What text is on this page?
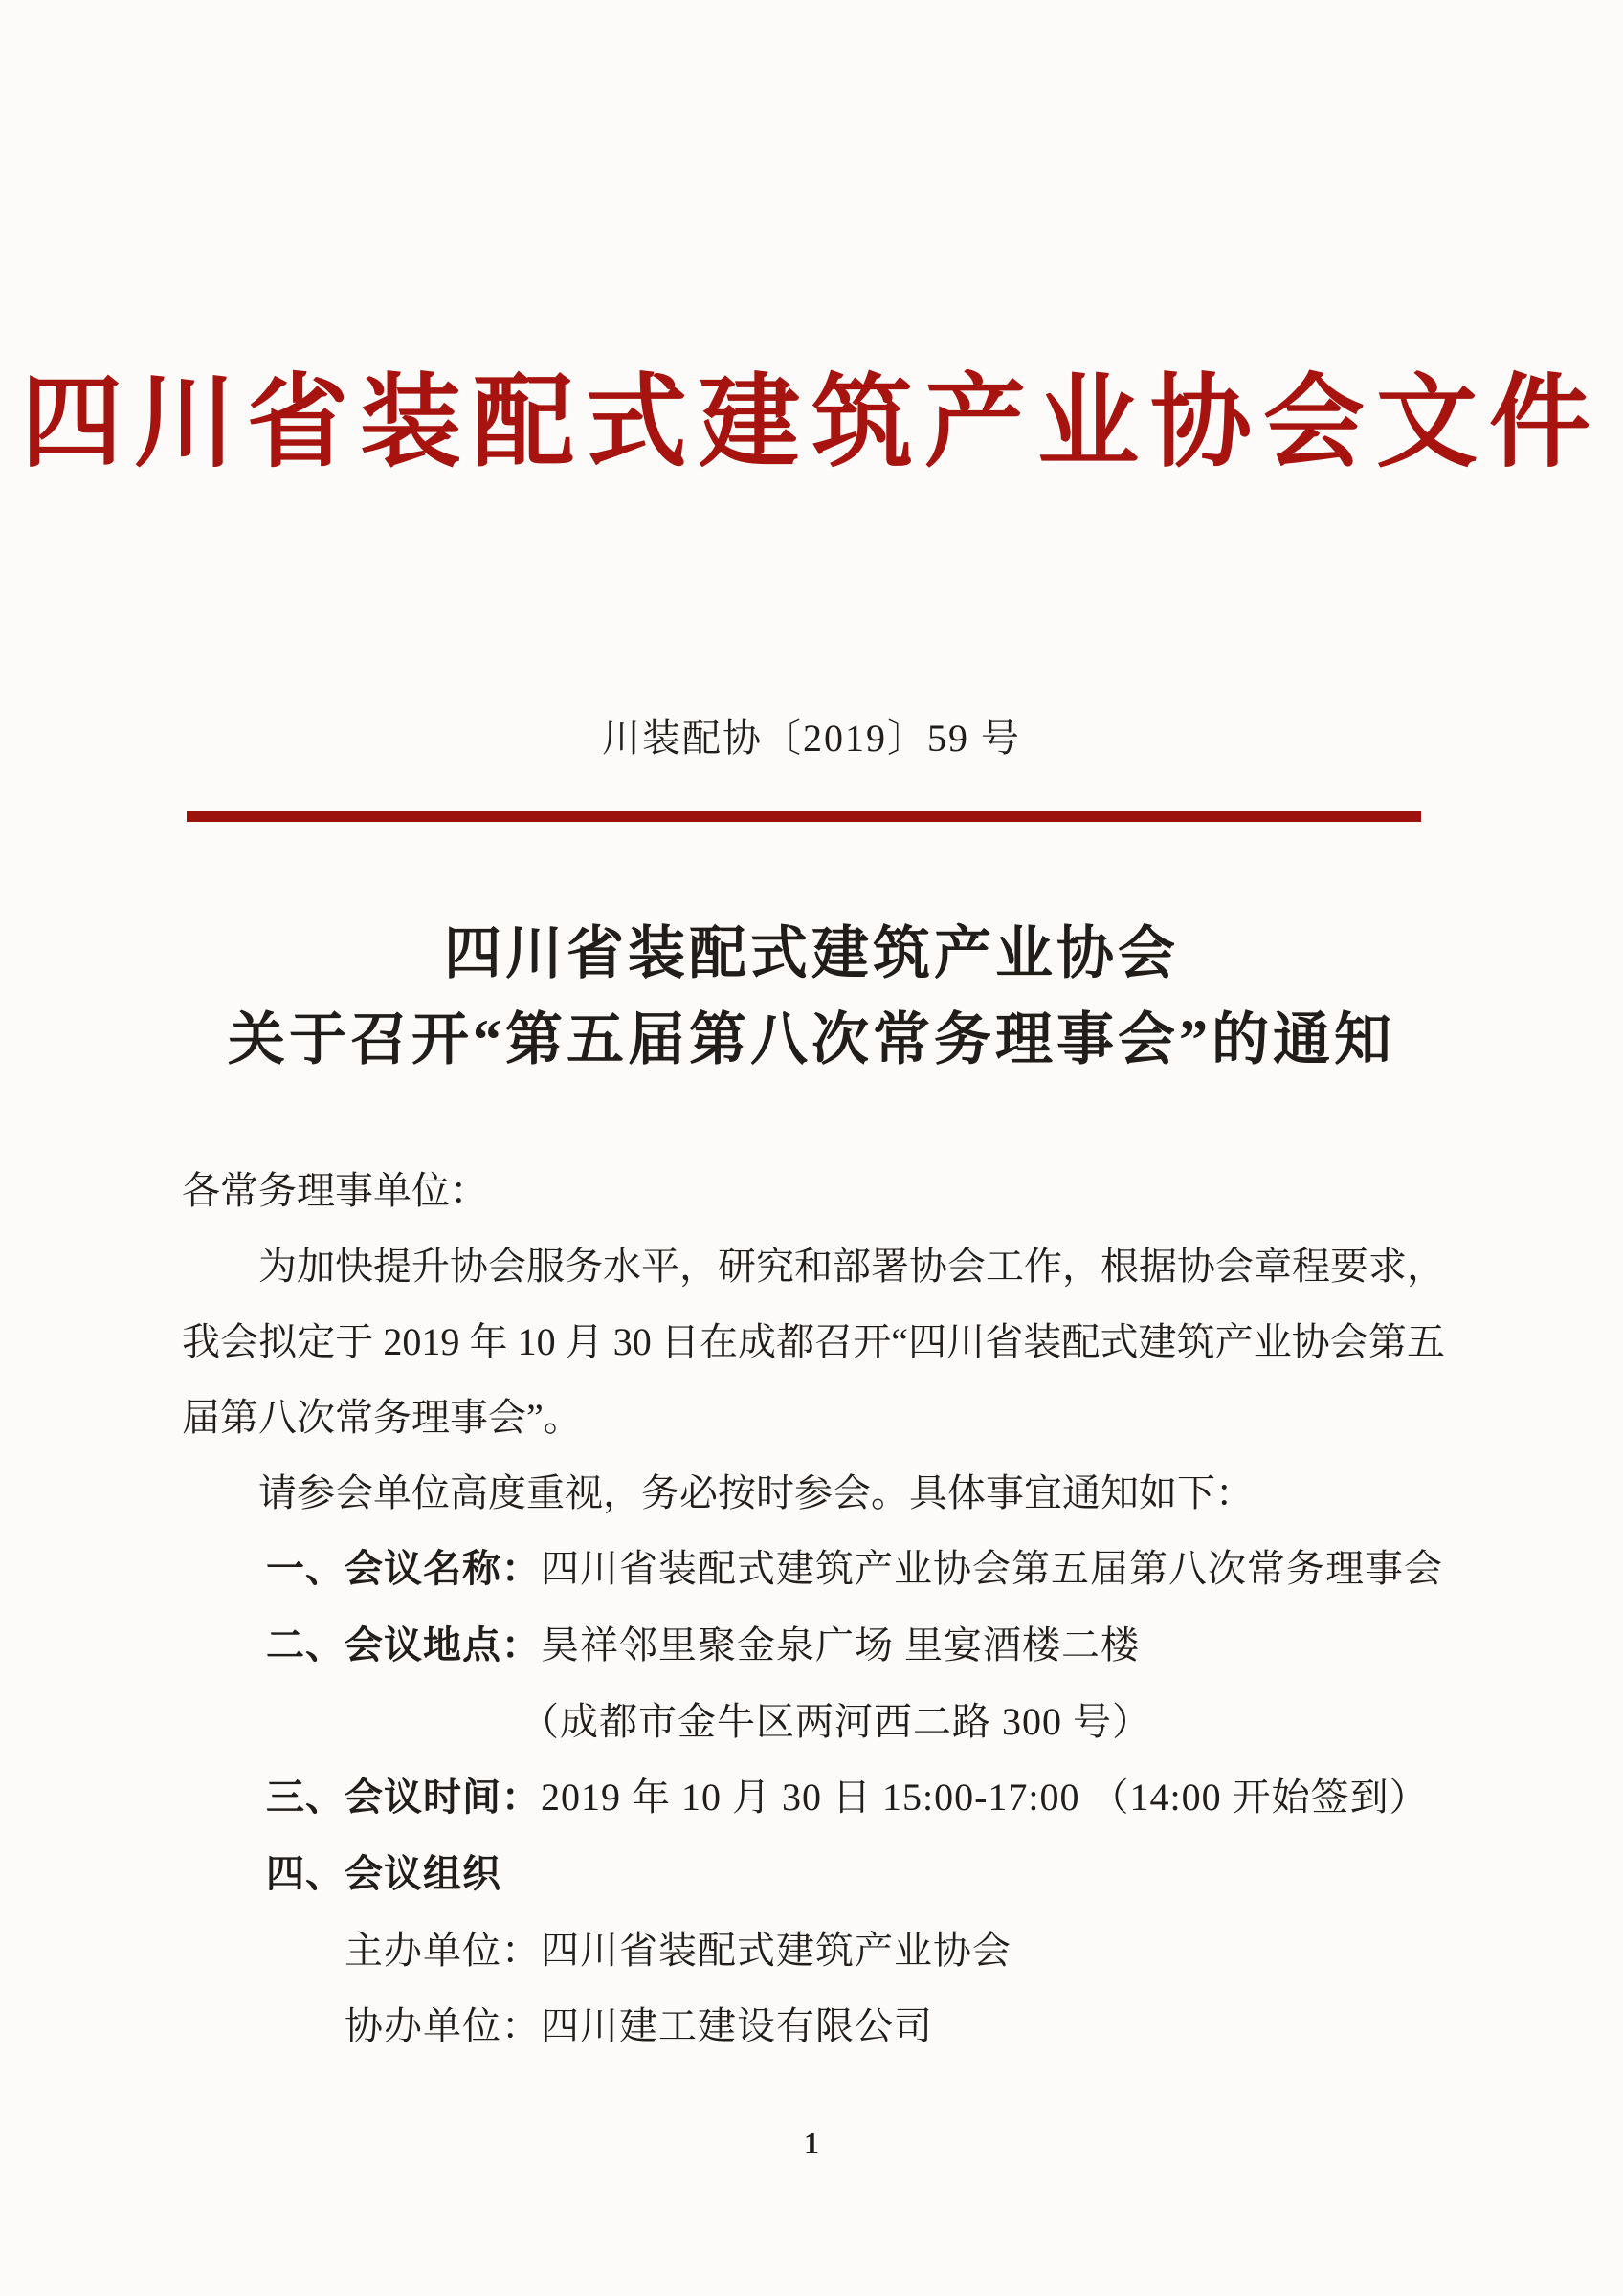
四川省装配式建筑产业协会文件
川装配协〔2019〕59 号
四川省装配式建筑产业协会
关于召开“第五届第八次常务理事会”的通知

各常务理事单位：

为加快提升协会服务水平，研究和部署协会工作，根据协会章程要求，我会拟定于 2019 年 10 月 30 日在成都召开“四川省装配式建筑产业协会第五届第八次常务理事会”。

请参会单位高度重视，务必按时参会。具体事宜通知如下：

一、会议名称：四川省装配式建筑产业协会第五届第八次常务理事会
二、会议地点：昊祥邻里聚金泉广场 里宴酒楼二楼
（成都市金牛区两河西二路 300 号）
三、会议时间：2019 年 10 月 30 日 15:00-17:00 （14:00 开始签到）
四、会议组织
主办单位：四川省装配式建筑产业协会
协办单位：四川建工建设有限公司
1
